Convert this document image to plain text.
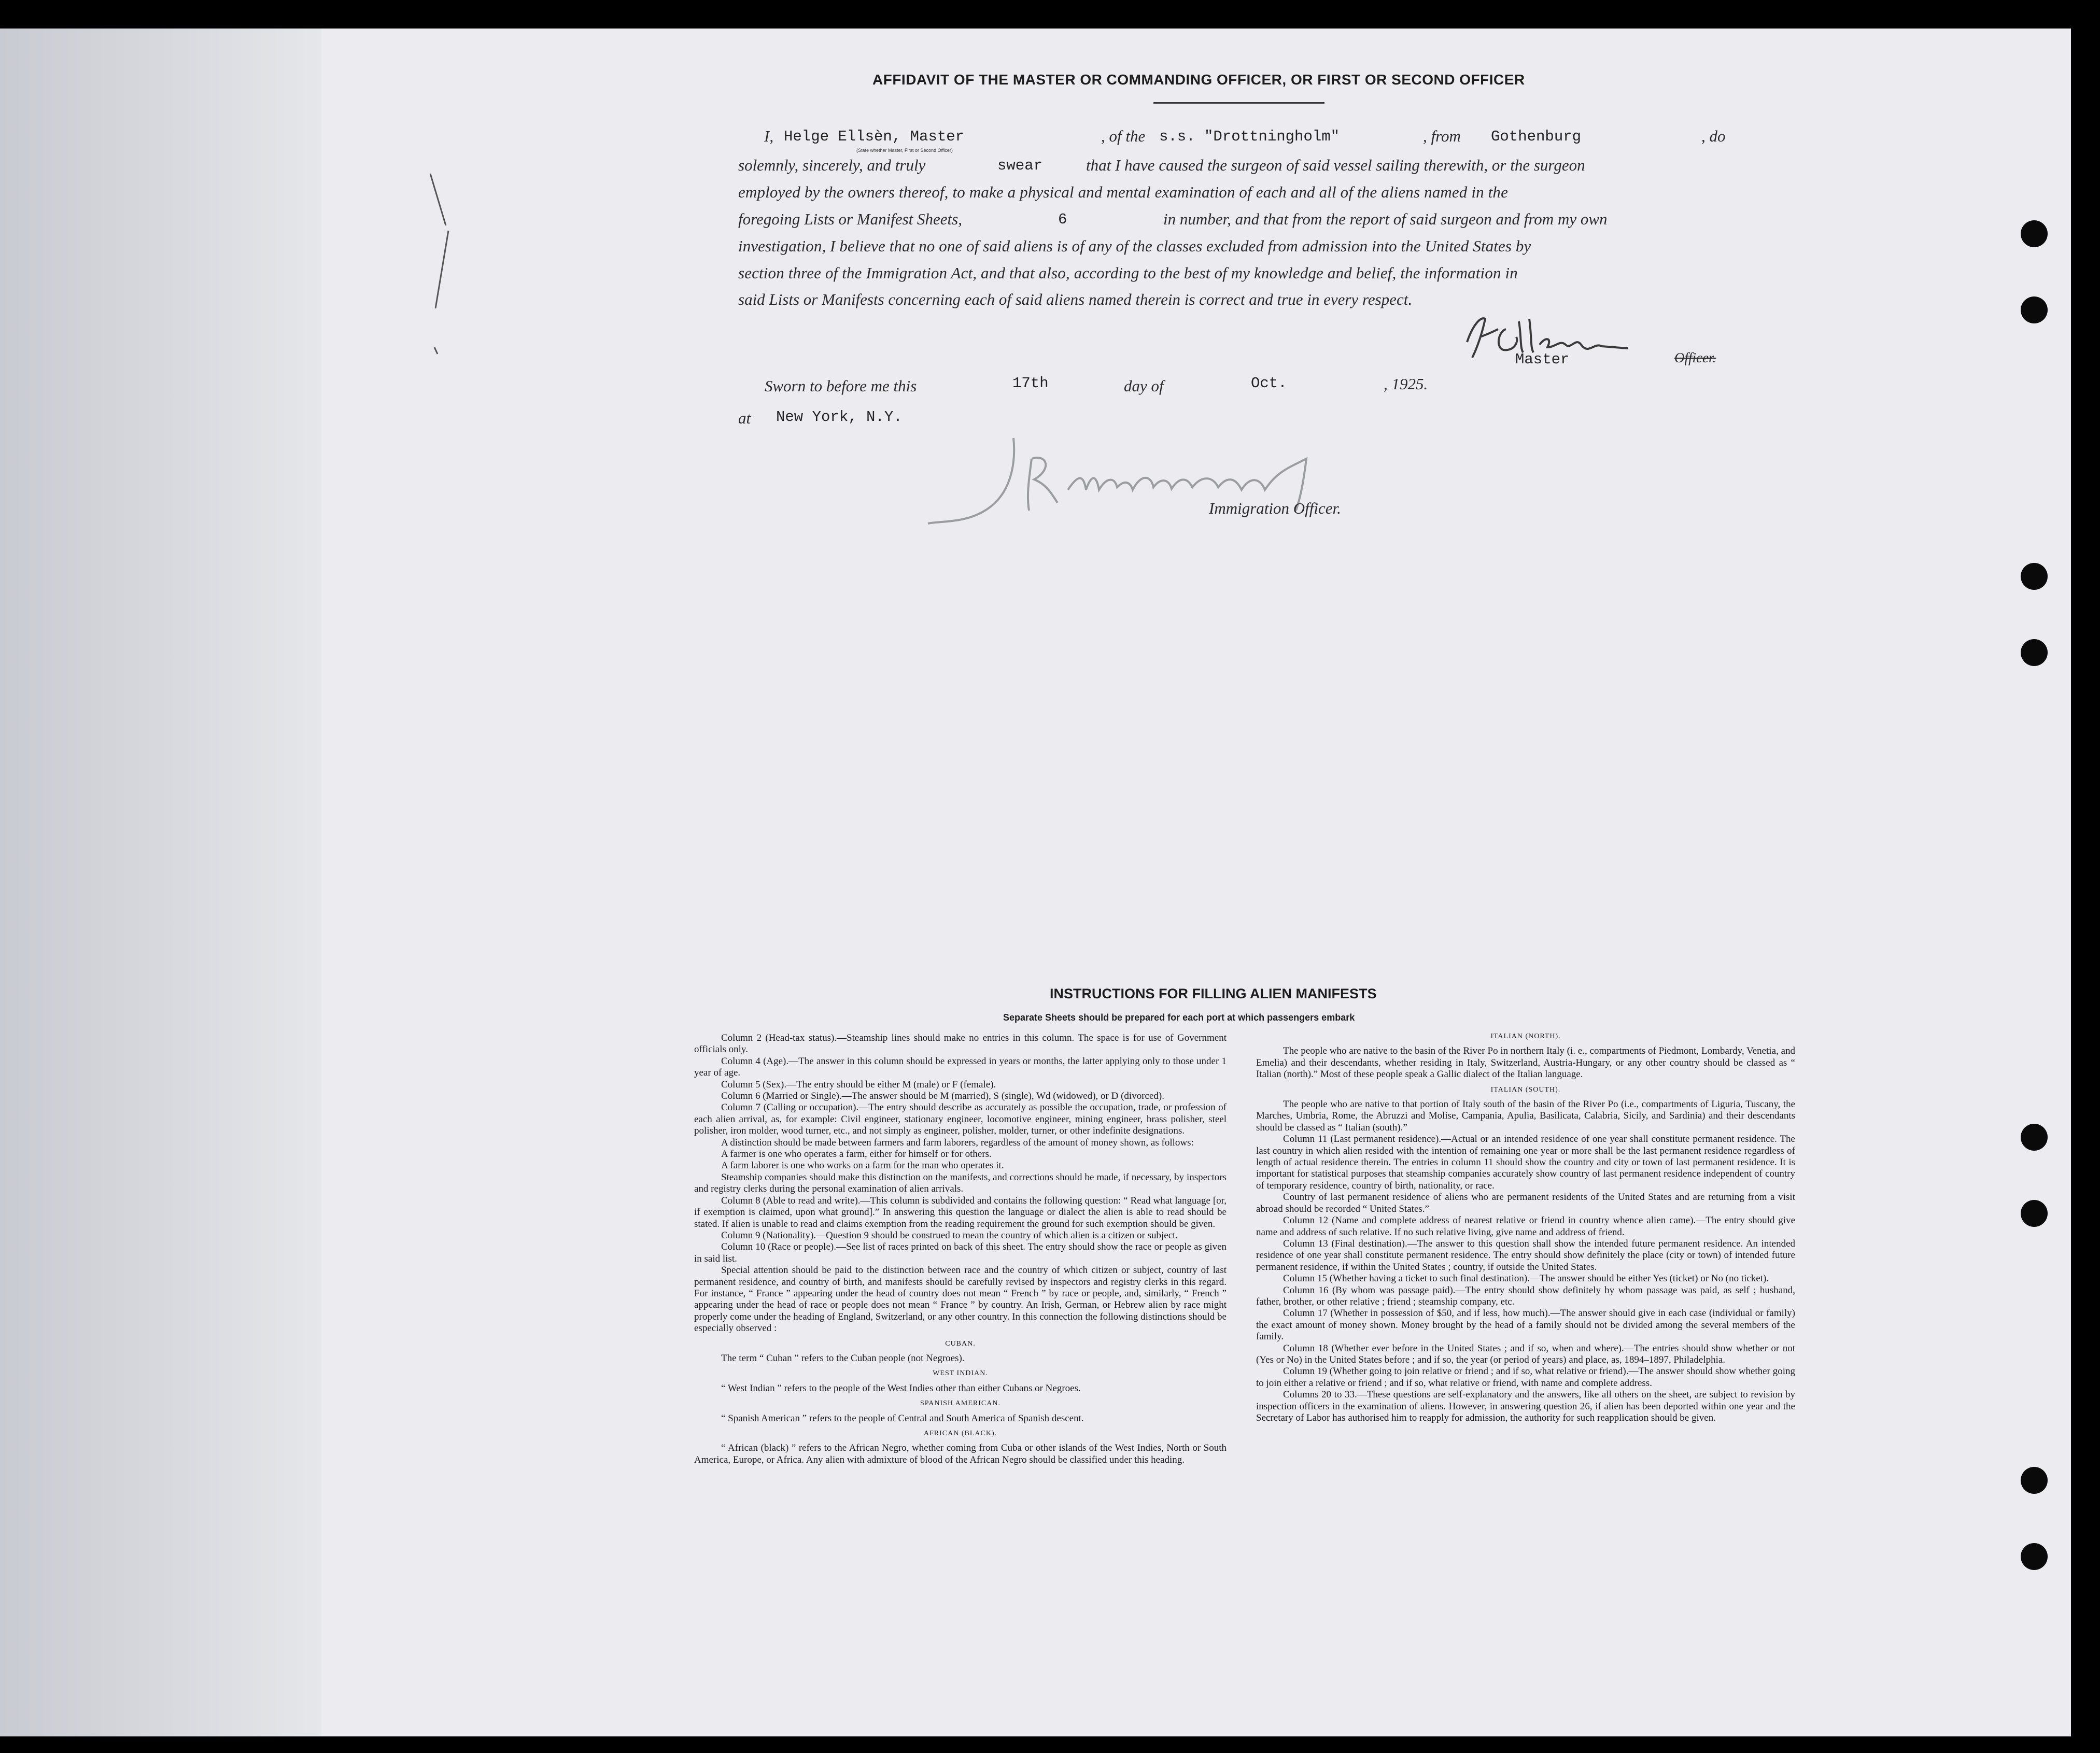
AFFIDAVIT OF THE MASTER OR COMMANDING OFFICER, OR FIRST OR SECOND OFFICER
I, Helge Ellsèn, Master	, of the s.s. "Drottningholm"	, from Gothenburg	, do
(State whether Master, First or Second Officer)
solemnly, sincerely, and truly	swear	that I have caused the surgeon of said vessel sailing therewith, or the surgeon
employed by the owners thereof, to make a physical and mental examination of each and all of the aliens named in the
foregoing Lists or Manifest Sheets,	6	in number, and that from the report of said surgeon and from my own
investigation, I believe that no one of said aliens is of any of the classes excluded from admission into the United States by
section three of the Immigration Act, and that also, according to the best of my knowledge and belief, the information in
said Lists or Manifests concerning each of said aliens named therein is correct and true in every respect.
Master	Officer.
Sworn to before me this	17th	day of	Oct.	, 1925.
at New York, N.Y.
Immigration Officer.
INSTRUCTIONS FOR FILLING ALIEN MANIFESTS
Separate Sheets should be prepared for each port at which passengers embark

Column 2 (Head-tax status).—Steamship lines should make no entries in this column. The space is for use of Government officials only.

Column 4 (Age).—The answer in this column should be expressed in years or months, the latter applying only to those under 1 year of age.

Column 5 (Sex).—The entry should be either M (male) or F (female).

Column 6 (Married or Single).—The answer should be M (married), S (single), Wd (widowed), or D (divorced).

Column 7 (Calling or occupation).—The entry should describe as accurately as possible the occupation, trade, or profession of each alien arrival, as, for example: Civil engineer, stationary engineer, locomotive engineer, mining engineer, brass polisher, steel polisher, iron molder, wood turner, etc., and not simply as engineer, polisher, molder, turner, or other indefinite designations.

A distinction should be made between farmers and farm laborers, regardless of the amount of money shown, as follows:

A farmer is one who operates a farm, either for himself or for others.

A farm laborer is one who works on a farm for the man who operates it.

Steamship companies should make this distinction on the manifests, and corrections should be made, if necessary, by inspectors and registry clerks during the personal examination of alien arrivals.

Column 8 (Able to read and write).—This column is subdivided and contains the following question: “ Read what language [or, if exemption is claimed, upon what ground].” In answering this question the language or dialect the alien is able to read should be stated. If alien is unable to read and claims exemption from the reading requirement the ground for such exemption should be given.

Column 9 (Nationality).—Question 9 should be construed to mean the country of which alien is a citizen or subject.

Column 10 (Race or people).—See list of races printed on back of this sheet. The entry should show the race or people as given in said list.

Special attention should be paid to the distinction between race and the country of which citizen or subject, country of last permanent residence, and country of birth, and manifests should be carefully revised by inspectors and registry clerks in this regard. For instance, “ France ” appearing under the head of country does not mean “ French ” by race or people, and, similarly, “ French ” appearing under the head of race or people does not mean “ France ” by country. An Irish, German, or Hebrew alien by race might properly come under the heading of England, Switzerland, or any other country. In this connection the following distinctions should be especially observed :

CUBAN.

The term “ Cuban ” refers to the Cuban people (not Negroes).

WEST INDIAN.

“ West Indian ” refers to the people of the West Indies other than either Cubans or Negroes.

SPANISH AMERICAN.

“ Spanish American ” refers to the people of Central and South America of Spanish descent.

AFRICAN (BLACK).

“ African (black) ” refers to the African Negro, whether coming from Cuba or other islands of the West Indies, North or South America, Europe, or Africa. Any alien with admixture of blood of the African Negro should be classified under this heading.

ITALIAN (NORTH).

The people who are native to the basin of the River Po in northern Italy (i. e., compartments of Piedmont, Lombardy, Venetia, and Emelia) and their descendants, whether residing in Italy, Switzerland, Austria-Hungary, or any other country should be classed as “ Italian (north).” Most of these people speak a Gallic dialect of the Italian language.

ITALIAN (SOUTH).

The people who are native to that portion of Italy south of the basin of the River Po (i.e., compartments of Liguria, Tuscany, the Marches, Umbria, Rome, the Abruzzi and Molise, Campania, Apulia, Basilicata, Calabria, Sicily, and Sardinia) and their descendants should be classed as “ Italian (south).”

Column 11 (Last permanent residence).—Actual or an intended residence of one year shall constitute permanent residence. The last country in which alien resided with the intention of remaining one year or more shall be the last permanent residence regardless of length of actual residence therein. The entries in column 11 should show the country and city or town of last permanent residence. It is important for statistical purposes that steamship companies accurately show country of last permanent residence independent of country of temporary residence, country of birth, nationality, or race.

Country of last permanent residence of aliens who are permanent residents of the United States and are returning from a visit abroad should be recorded “ United States.”

Column 12 (Name and complete address of nearest relative or friend in country whence alien came).—The entry should give name and address of such relative. If no such relative living, give name and address of friend.

Column 13 (Final destination).—The answer to this question shall show the intended future permanent residence. An intended residence of one year shall constitute permanent residence. The entry should show definitely the place (city or town) of intended future permanent residence, if within the United States ; country, if outside the United States.

Column 15 (Whether having a ticket to such final destination).—The answer should be either Yes (ticket) or No (no ticket).

Column 16 (By whom was passage paid).—The entry should show definitely by whom passage was paid, as self ; husband, father, brother, or other relative ; friend ; steamship company, etc.

Column 17 (Whether in possession of $50, and if less, how much).—The answer should give in each case (individual or family) the exact amount of money shown. Money brought by the head of a family should not be divided among the several members of the family.

Column 18 (Whether ever before in the United States ; and if so, when and where).—The entries should show whether or not (Yes or No) in the United States before ; and if so, the year (or period of years) and place, as, 1894–1897, Philadelphia.

Column 19 (Whether going to join relative or friend ; and if so, what relative or friend).—The answer should show whether going to join either a relative or friend ; and if so, what relative or friend, with name and complete address.

Columns 20 to 33.—These questions are self-explanatory and the answers, like all others on the sheet, are subject to revision by inspection officers in the examination of aliens. However, in answering question 26, if alien has been deported within one year and the Secretary of Labor has authorised him to reapply for admission, the authority for such reapplication should be given.
